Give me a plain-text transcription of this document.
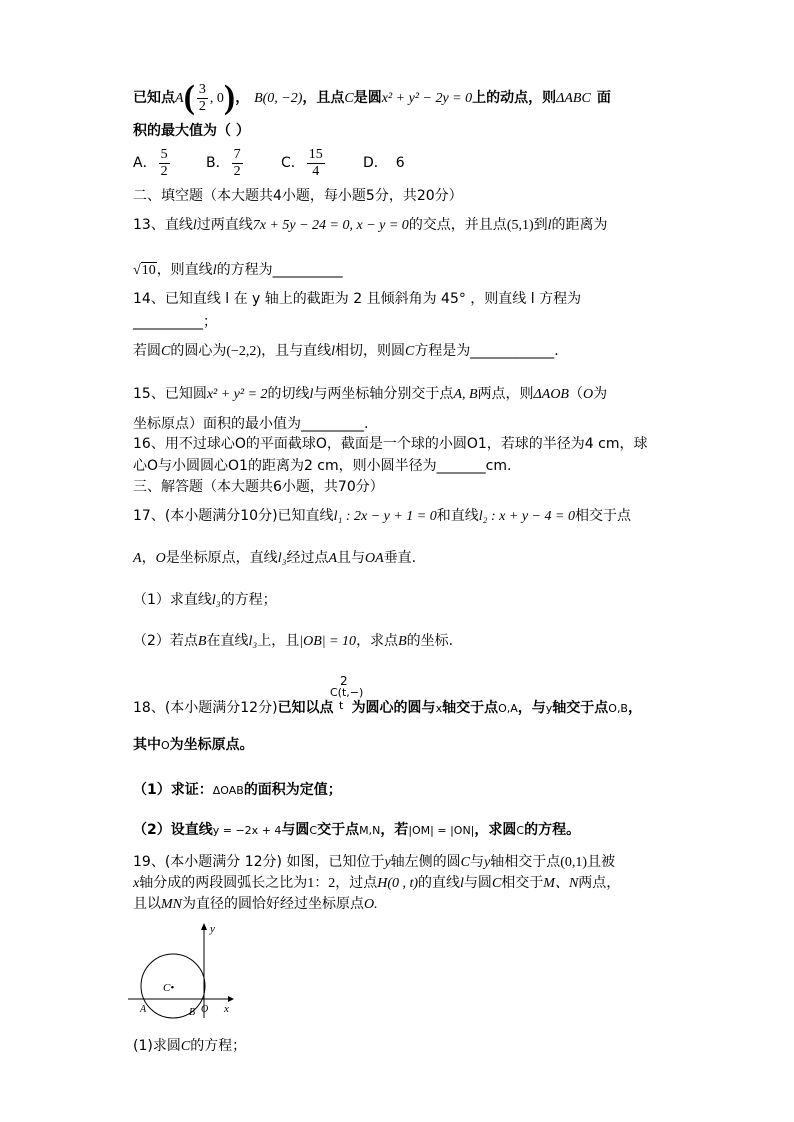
已知点$A( \frac{3}{2}$ , 0)， B(0, −2)，且点C是圆x² + y² − 2y = 0上的动点，则ΔABC 面
积的最大值为（ ）
A． $\frac{5}{2}$	B． $\frac{7}{2}$	C． $\frac{15}{4}$	D． 6
二、填空题（本大题共4小题，每小题5分，共20分）
13、直线l过两直线7x + 5y − 24 = 0, x − y = 0的交点，并且点(5,1)到l的距离为
√10，则直线l的方程为__________
14、已知直线 l 在 y 轴上的截距为 2 且倾斜角为 45° ，则直线 l 方程为
__________；
若圆C的圆心为(−2,2)，且与直线l相切，则圆C方程是为____________.
15、已知圆x² + y² = 2的切线l与两坐标轴分别交于点A, B两点，则ΔAOB（O为
坐标原点）面积的最小值为_________.
16、用不过球心O的平面截球O，截面是一个球的小圆O1，若球的半径为4 cm，球
心O与小圆圆心O1的距离为2 cm，则小圆半径为_______cm.
三、解答题（本大题共6小题，共70分）
17、(本小题满分10分)已知直线l₁ : 2x − y + 1 = 0和直线l₂ : x + y − 4 = 0相交于点
A，O是坐标原点，直线l₃经过点A且与OA垂直.
（1）求直线l₃的方程；
（2）若点B在直线l₃上，且|OB| = 10，求点B的坐标.
2
C(t,−)
t
18、(本小题满分12分)已知以点 为圆心的圆与x轴交于点O,A，与y轴交于点O,B，
其中O为坐标原点。
（1）求证：ΔOAB的面积为定值；
（2）设直线y = −2x + 4与圆C交于点M,N，若|OM| = |ON|，求圆C的方程。
19、(本小题满分 12分) 如图，已知位于y轴左侧的圆C与y轴相交于点(0,1)且被
x轴分成的两段圆弧长之比为1：2，过点H(0 , t)的直线l与圆C相交于M、N两点，
且以MN为直径的圆恰好经过坐标原点O.
y
x
C•
A	B O
(1)求圆C的方程；
